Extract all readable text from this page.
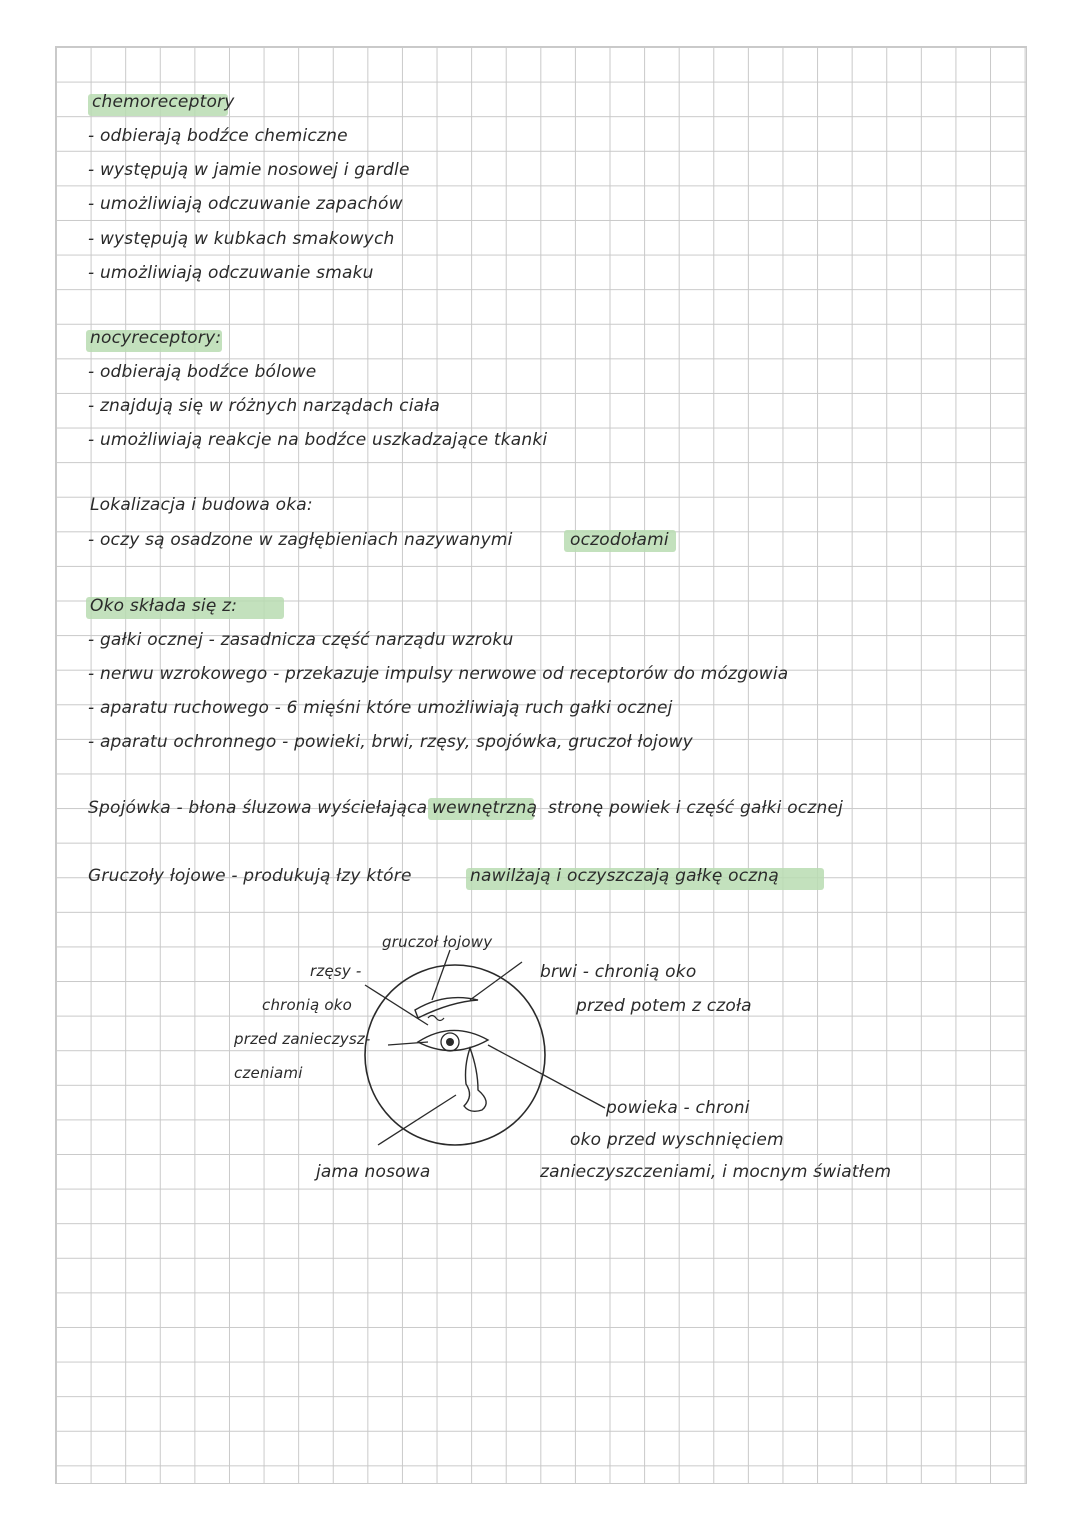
chemoreceptory
- odbierają bodźce chemiczne
- występują w jamie nosowej i gardle
- umożliwiają odczuwanie zapachów
- występują w kubkach smakowych
- umożliwiają odczuwanie smaku
nocyreceptory:
- odbierają bodźce bólowe
- znajdują się w różnych narządach ciała
- umożliwiają reakcje na bodźce uszkadzające tkanki
Lokalizacja i budowa oka:
- oczy są osadzone w zagłębieniach nazywanymi	oczodołami
Oko składa się z:
- gałki ocznej - zasadnicza część narządu wzroku
- nerwu wzrokowego - przekazuje impulsy nerwowe od receptorów do mózgowia
- aparatu ruchowego - 6 mięśni które umożliwiają ruch gałki ocznej
- aparatu ochronnego - powieki, brwi, rzęsy, spojówka, gruczoł łojowy
Spojówka - błona śluzowa wyściełająca wewnętrzną stronę powiek i część gałki ocznej
Gruczoły łojowe - produkują łzy które	nawilżają i oczyszczają gałkę oczną
gruczoł łojowy
rzęsy -
chronią oko
przed zanieczysz-
czeniami
brwi - chronią oko
przed potem z czoła
powieka - chroni
oko przed wyschnięciem
zanieczyszczeniami, i mocnym światłem
jama nosowa
